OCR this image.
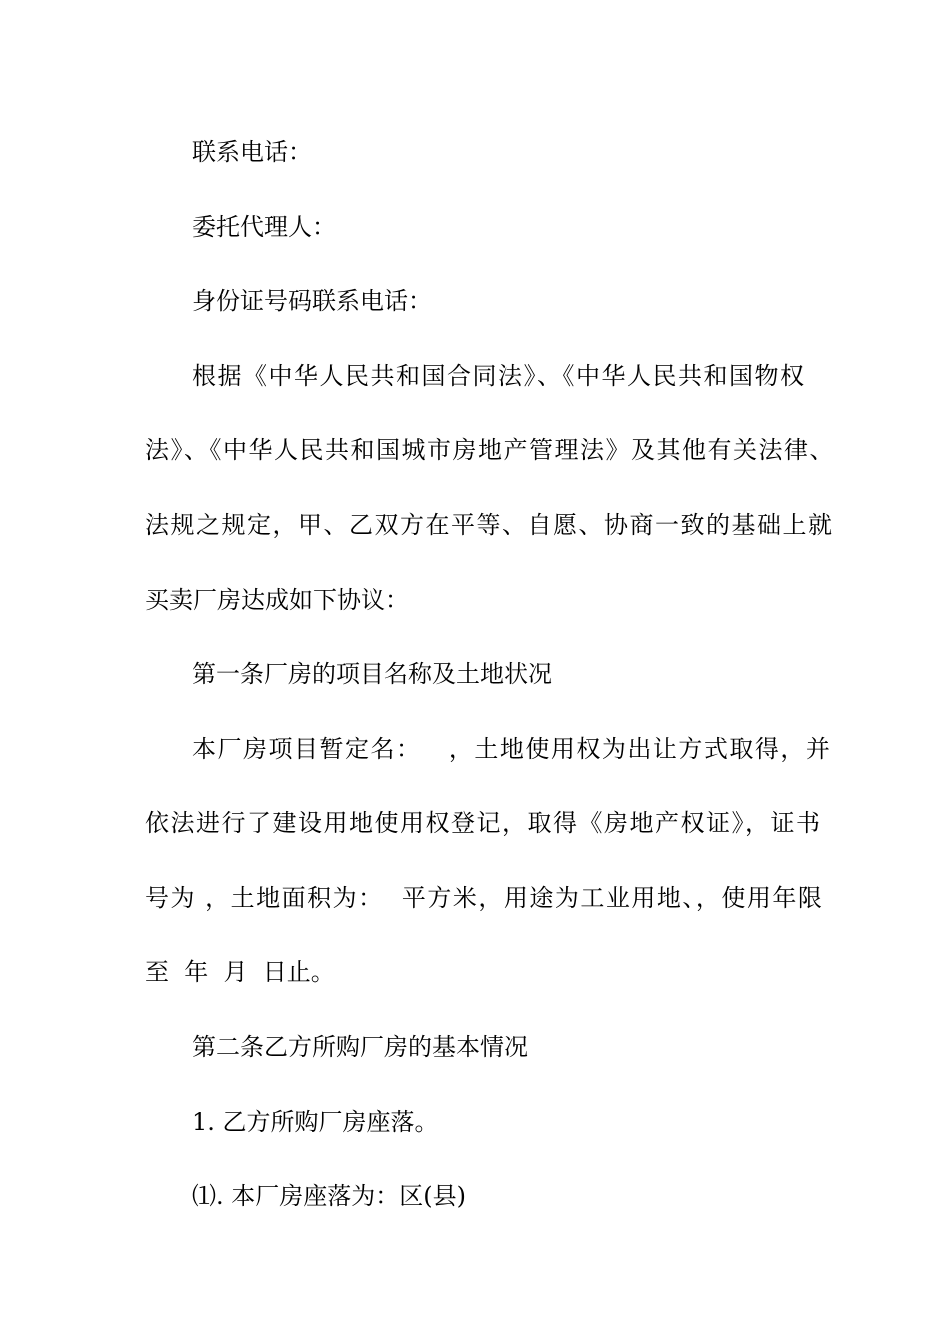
联系电话：
委托代理人：
身份证号码联系电话：
根据《中华人民共和国合同法》、《中华人民共和国物权
法》、《中华人民共和国城市房地产管理法》及其他有关法律、
法规之规定，甲、乙双方在平等、自愿、协商一致的基础上就
买卖厂房达成如下协议：
第一条厂房的项目名称及土地状况
本厂房项目暂定名：   ，土地使用权为出让方式取得，并
依法进行了建设用地使用权登记，取得《房地产权证》，证书
号为 ，土地面积为：  平方米，用途为工业用地、，使用年限
至  年  月  日止。
第二条乙方所购厂房的基本情况
1. 乙方所购厂房座落。
⑴. 本厂房座落为：区(县)
